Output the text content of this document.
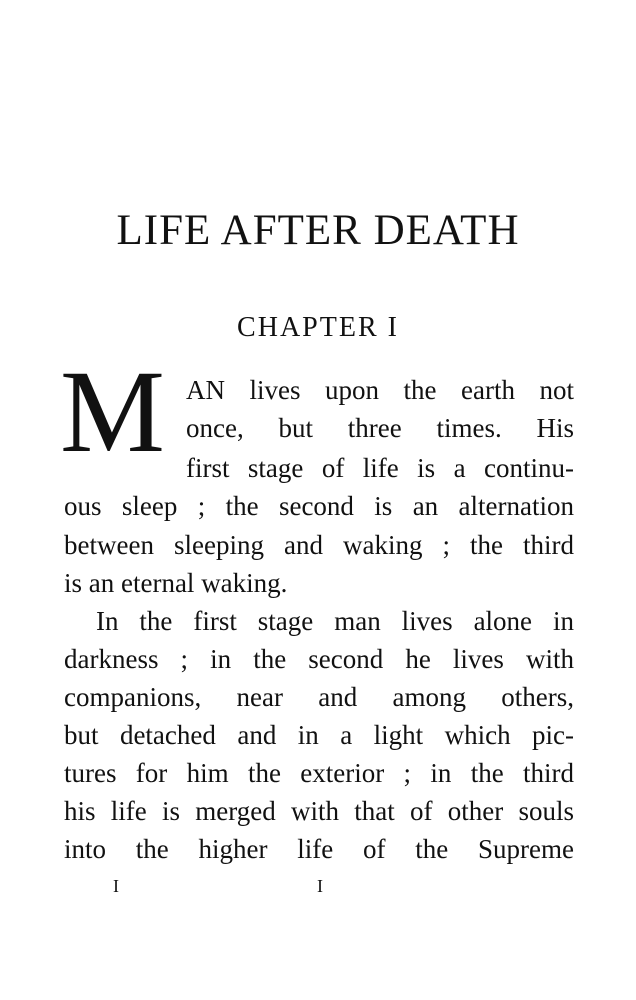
LIFE AFTER DEATH
CHAPTER I
M AN lives upon the earth not
once, but three times. His
first stage of life is a continu-
ous sleep ; the second is an alternation
between sleeping and waking ; the third
is an eternal waking.
In the first stage man lives alone in
darkness ; in the second he lives with
companions, near and among others,
but detached and in a light which pic-
tures for him the exterior ; in the third
his life is merged with that of other souls
into the higher life of the Supreme
I	I
